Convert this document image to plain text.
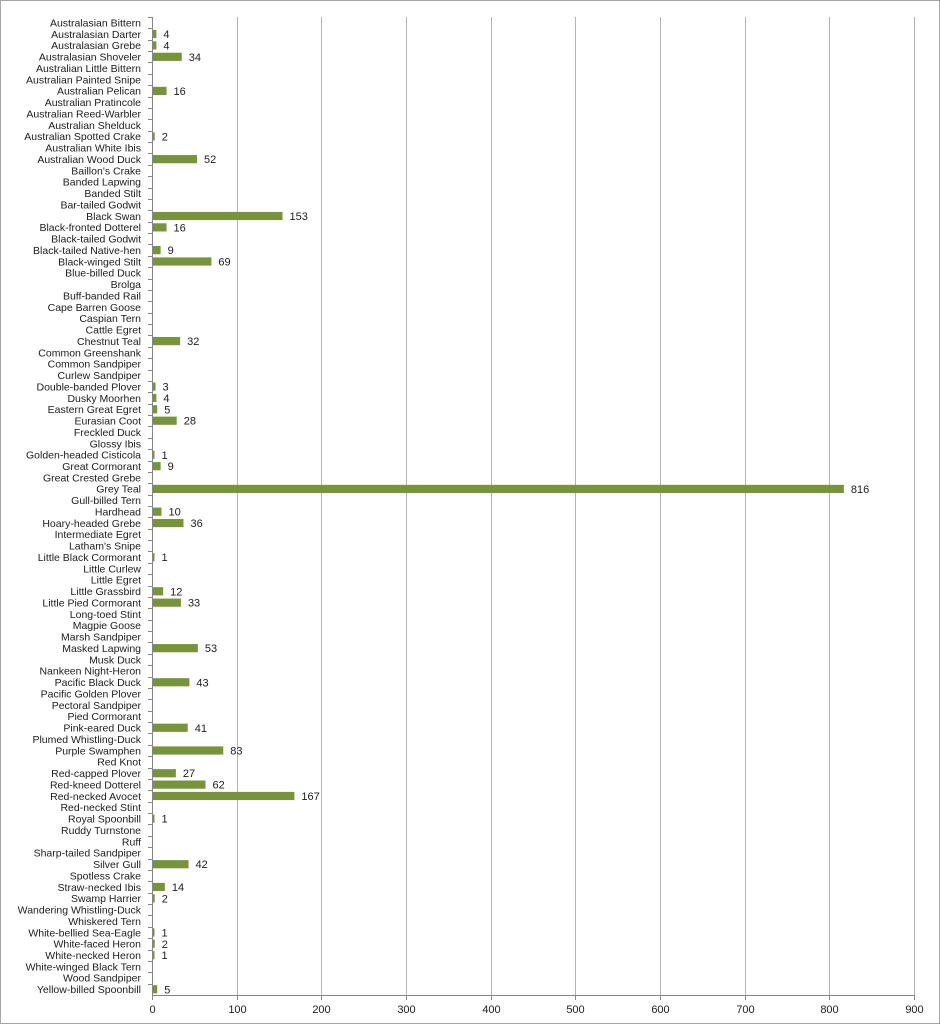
Australasian Bittern
Australasian Darter
Australasian Grebe
Australasian Shoveler
Australian Little Bittern
Australian Painted Snipe
Australian Pelican
Australian Pratincole
Australian Reed-Warbler
Australian Shelduck
Australian Spotted Crake
Australian White Ibis
Australian Wood Duck
Baillon's Crake
Banded Lapwing
Banded Stilt
Bar-tailed Godwit
Black Swan
Black-fronted Dotterel
Black-tailed Godwit
Black-tailed Native-hen
Black-winged Stilt
Blue-billed Duck
Brolga
Buff-banded Rail
Cape Barren Goose
Caspian Tern
Cattle Egret
Chestnut Teal
Common Greenshank
Common Sandpiper
Curlew Sandpiper
Double-banded Plover
Dusky Moorhen
Eastern Great Egret
Eurasian Coot
Freckled Duck
Glossy Ibis
Golden-headed Cisticola
Great Cormorant
Great Crested Grebe
Grey Teal
Gull-billed Tern
Hardhead
Hoary-headed Grebe
Intermediate Egret
Latham's Snipe
Little Black Cormorant
Little Curlew
Little Egret
Little Grassbird
Little Pied Cormorant
Long-toed Stint
Magpie Goose
Marsh Sandpiper
Masked Lapwing
Musk Duck
Nankeen Night-Heron
Pacific Black Duck
Pacific Golden Plover
Pectoral Sandpiper
Pied Cormorant
Pink-eared Duck
Plumed Whistling-Duck
Purple Swamphen
Red Knot
Red-capped Plover
Red-kneed Dotterel
Red-necked Avocet
Red-necked Stint
Royal Spoonbill
Ruddy Turnstone
Ruff
Sharp-tailed Sandpiper
Silver Gull
Spotless Crake
Straw-necked Ibis
Swamp Harrier
Wandering Whistling-Duck
Whiskered Tern
White-bellied Sea-Eagle
White-faced Heron
White-necked Heron
White-winged Black Tern
Wood Sandpiper
Yellow-billed Spoonbill
0	100	200	300	400	500	600	700	800	900
4
4
34
16
2
52
153
16
9
69
32
3
4
5
28
1
9
816
10
36
1
12
33
53
43
41
83
27
62
167
1
42
14
2
1
2
1
5
